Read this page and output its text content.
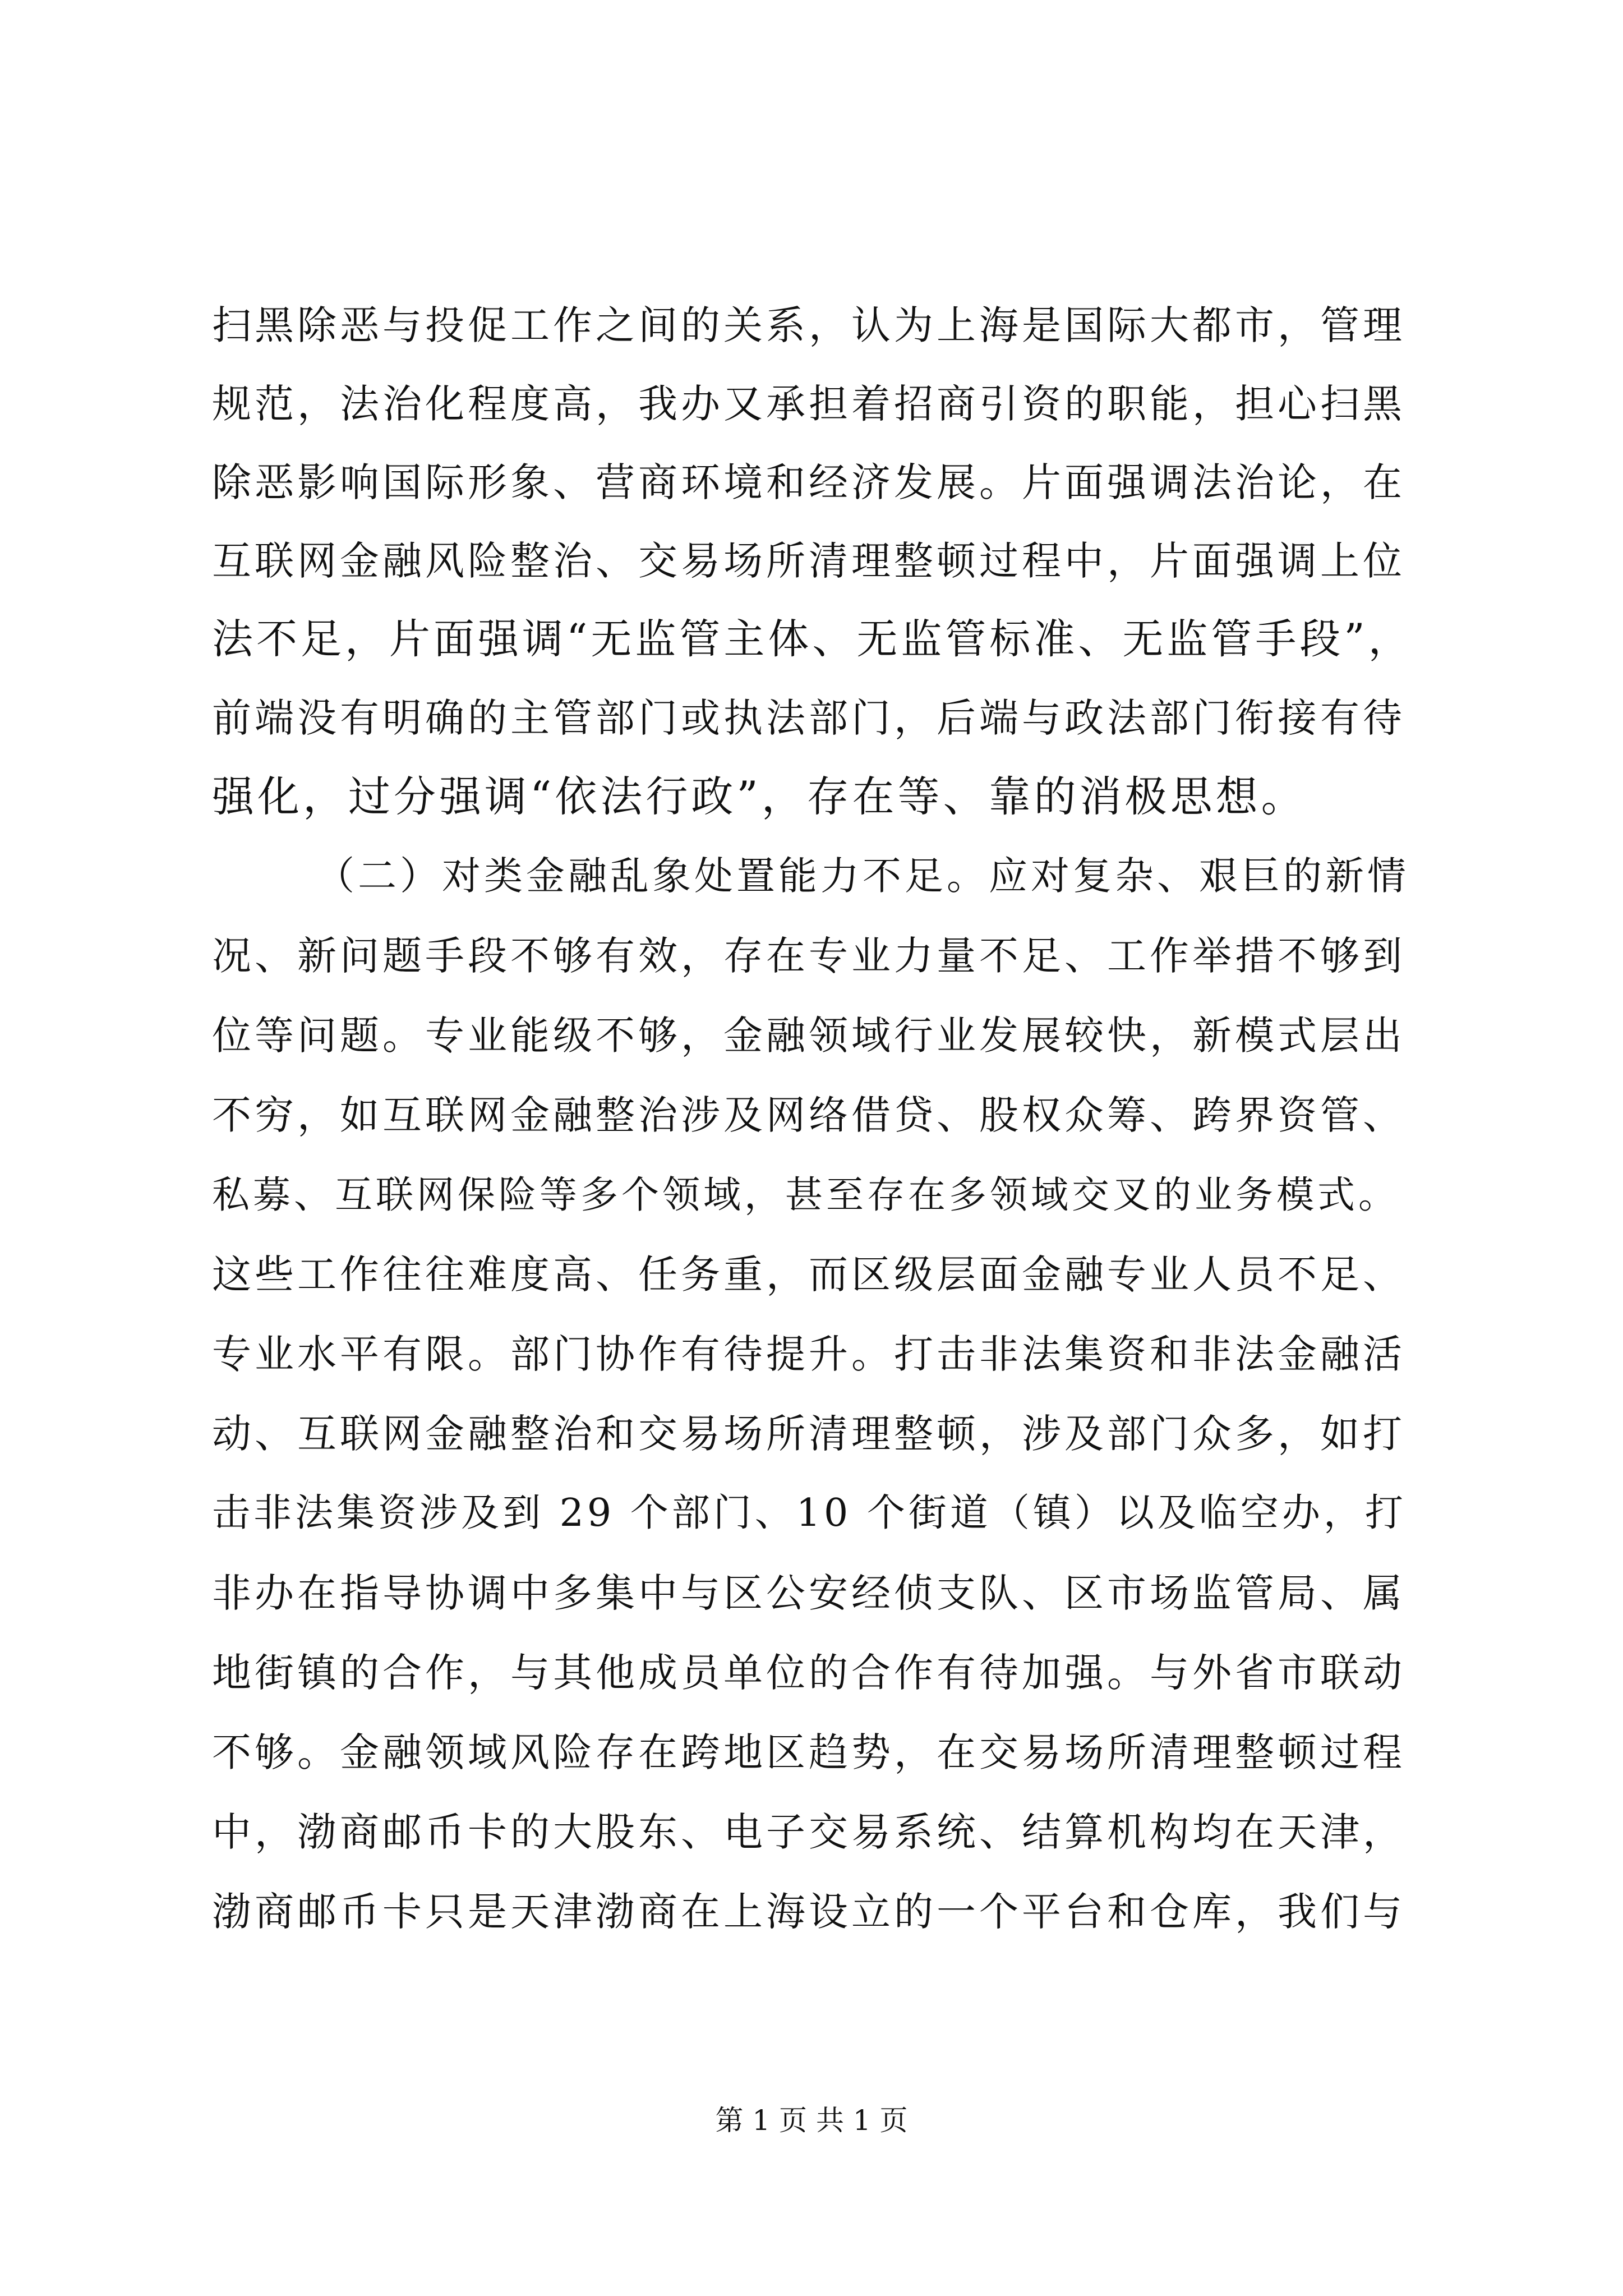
扫黑除恶与投促工作之间的关系，认为上海是国际大都市，管理
规范，法治化程度高，我办又承担着招商引资的职能，担心扫黑
除恶影响国际形象、营商环境和经济发展。片面强调法治论，在
互联网金融风险整治、交易场所清理整顿过程中，片面强调上位
法不足，片面强调“无监管主体、无监管标准、无监管手段”，
前端没有明确的主管部门或执法部门，后端与政法部门衔接有待
强化，过分强调“依法行政”，存在等、靠的消极思想。
（二）对类金融乱象处置能力不足。应对复杂、艰巨的新情
况、新问题手段不够有效，存在专业力量不足、工作举措不够到
位等问题。专业能级不够，金融领域行业发展较快，新模式层出
不穷，如互联网金融整治涉及网络借贷、股权众筹、跨界资管、
私募、互联网保险等多个领域，甚至存在多领域交叉的业务模式。
这些工作往往难度高、任务重，而区级层面金融专业人员不足、
专业水平有限。部门协作有待提升。打击非法集资和非法金融活
动、互联网金融整治和交易场所清理整顿，涉及部门众多，如打
击非法集资涉及到 29 个部门、10 个街道（镇）以及临空办，打
非办在指导协调中多集中与区公安经侦支队、区市场监管局、属
地街镇的合作，与其他成员单位的合作有待加强。与外省市联动
不够。金融领域风险存在跨地区趋势，在交易场所清理整顿过程
中，渤商邮币卡的大股东、电子交易系统、结算机构均在天津，
渤商邮币卡只是天津渤商在上海设立的一个平台和仓库，我们与
第 1 页 共 1 页
